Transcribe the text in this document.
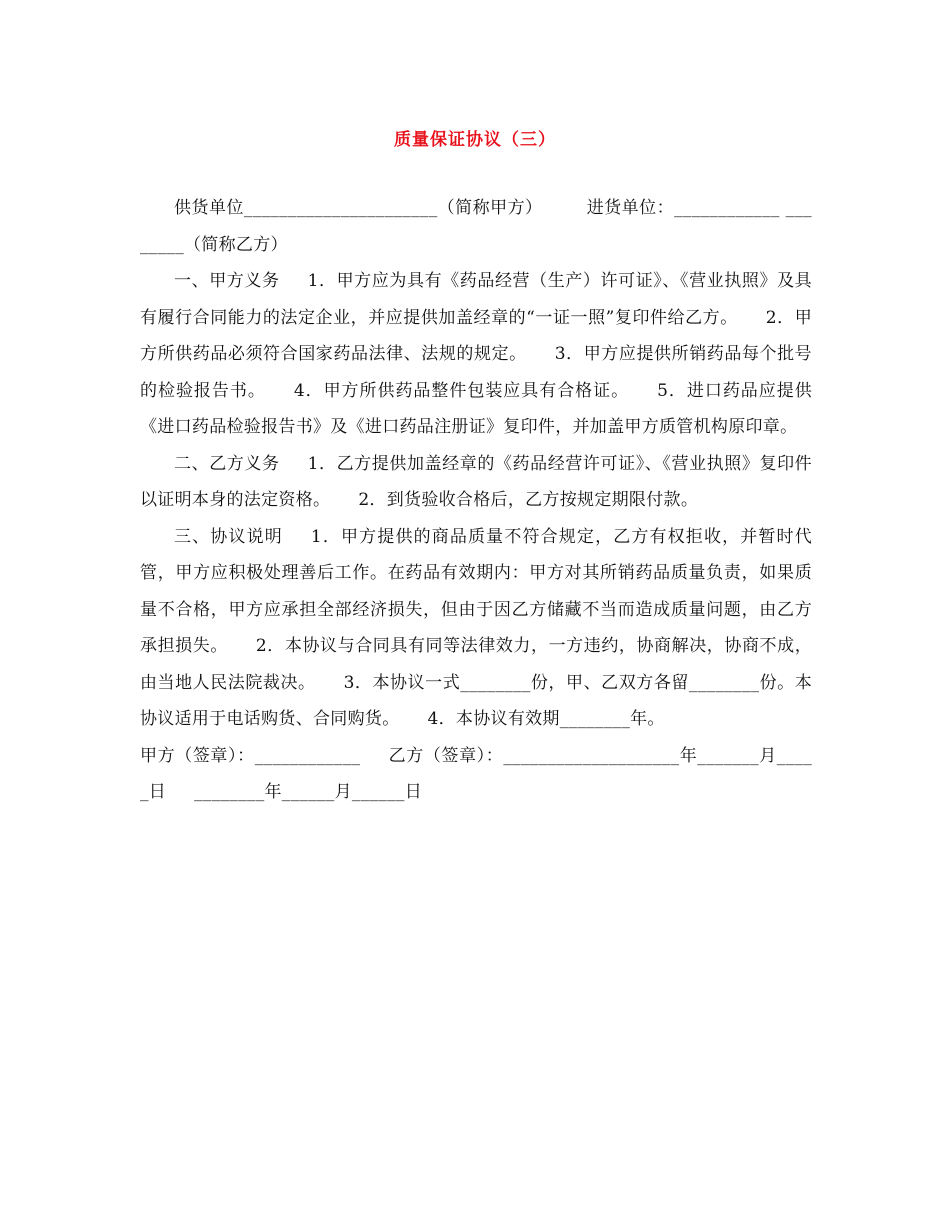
质量保证协议（三）

供货单位______________________（简称甲方）	进货单位：____________ ________（简称乙方）

一、甲方义务 1．甲方应为具有《药品经营（生产）许可证》、《营业执照》及具有履行合同能力的法定企业，并应提供加盖经章的“一证一照”复印件给乙方。 2．甲方所供药品必须符合国家药品法律、法规的规定。 3．甲方应提供所销药品每个批号的检验报告书。 4．甲方所供药品整件包装应具有合格证。 5．进口药品应提供《进口药品检验报告书》及《进口药品注册证》复印件，并加盖甲方质管机构原印章。

二、乙方义务 1．乙方提供加盖经章的《药品经营许可证》、《营业执照》复印件以证明本身的法定资格。 2．到货验收合格后，乙方按规定期限付款。

三、协议说明 1．甲方提供的商品质量不符合规定，乙方有权拒收，并暂时代管，甲方应积极处理善后工作。在药品有效期内：甲方对其所销药品质量负责，如果质量不合格，甲方应承担全部经济损失，但由于因乙方储藏不当而造成质量问题，由乙方承担损失。 2．本协议与合同具有同等法律效力，一方违约，协商解决，协商不成，由当地人民法院裁决。 3．本协议一式________份，甲、乙双方各留________份。本协议适用于电话购货、合同购货。 4．本协议有效期________年。

甲方（签章）：____________ 乙方（签章）：____________________年_______月_____日 ________年______月______日
